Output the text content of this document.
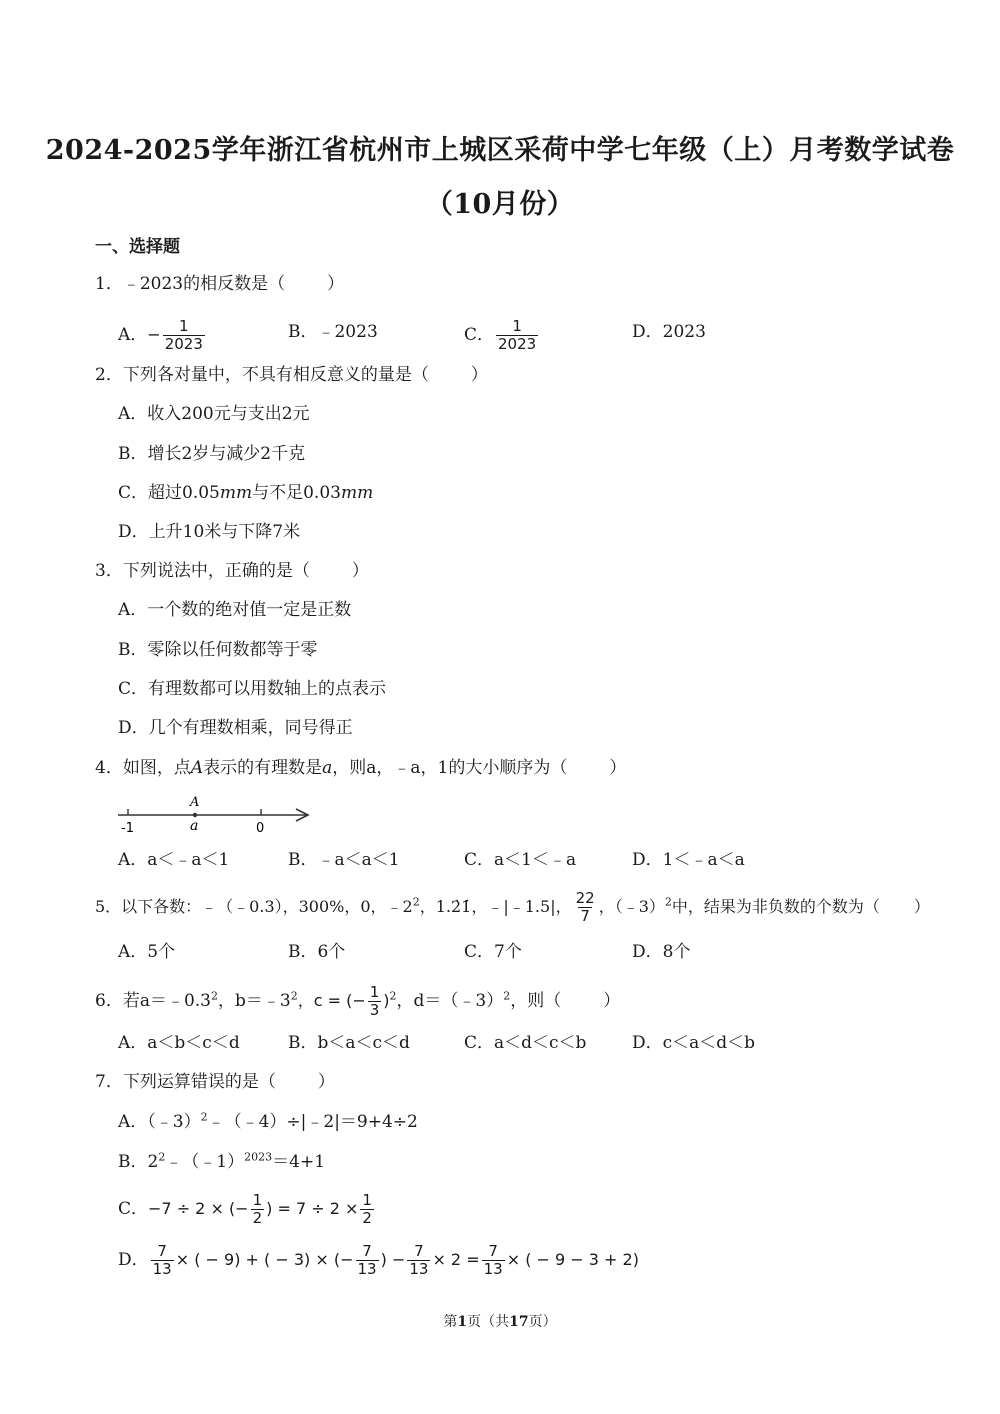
2024-2025学年浙江省杭州市上城区采荷中学七年级（上）月考数学试卷
（10月份）
一、选择题
1．﹣2023的相反数是（ ）
A．− $\frac{1}{2023}$	B．﹣2023	C． $\frac{1}{2023}$	D．2023
2．下列各对量中，不具有相反意义的量是（ ）
A．收入200元与支出2元
B．增长2岁与减少2千克
C．超过0.05mm与不足0.03mm
D．上升10米与下降7米
3．下列说法中，正确的是（ ）
A．一个数的绝对值一定是正数
B．零除以任何数都等于零
C．有理数都可以用数轴上的点表示
D．几个有理数相乘，同号得正
4．如图，点A表示的有理数是a，则a，﹣a，1的大小顺序为（ ）
A
a
-1	0
A．a＜﹣a＜1	B．﹣a＜a＜1	C．a＜1＜﹣a	D．1＜﹣a＜a
5．以下各数：﹣（﹣0.3），300%，0，$﹣2^2$，1.2̇1̇，﹣|﹣1.5|， $\frac{22}{7}$ ，（﹣3）$^2$中，结果为非负数的个数为（ ）
A．5个	B．6个	C．7个	D．8个
6．若$a=﹣0.3^2$，$b=﹣3^2$，c = (− $\frac{1}{3} )^2$，d＝（﹣3）$^2$，则（ ）
A．a＜b＜c＜d	B．b＜a＜c＜d	C．a＜d＜c＜b	D．c＜a＜d＜b
7．下列运算错误的是（ ）
A．（﹣3）$^2$﹣（﹣4）÷|﹣2|＝9+4÷2
B．$2^2﹣(﹣1)^{2023}=4+1$
C．−7 ÷ 2 × (− $\frac{1}{2}$ ) = $7 \div 2 \times \frac{1}{2}$
D． $\frac{7}{13}$ × ( − 9) + ( − 3) × (− $\frac{7}{13}$ ) − $\frac{7}{13} \times 2 = \frac{7}{13}$ × ( − 9 − 3 + 2)
第1页（共17页）
